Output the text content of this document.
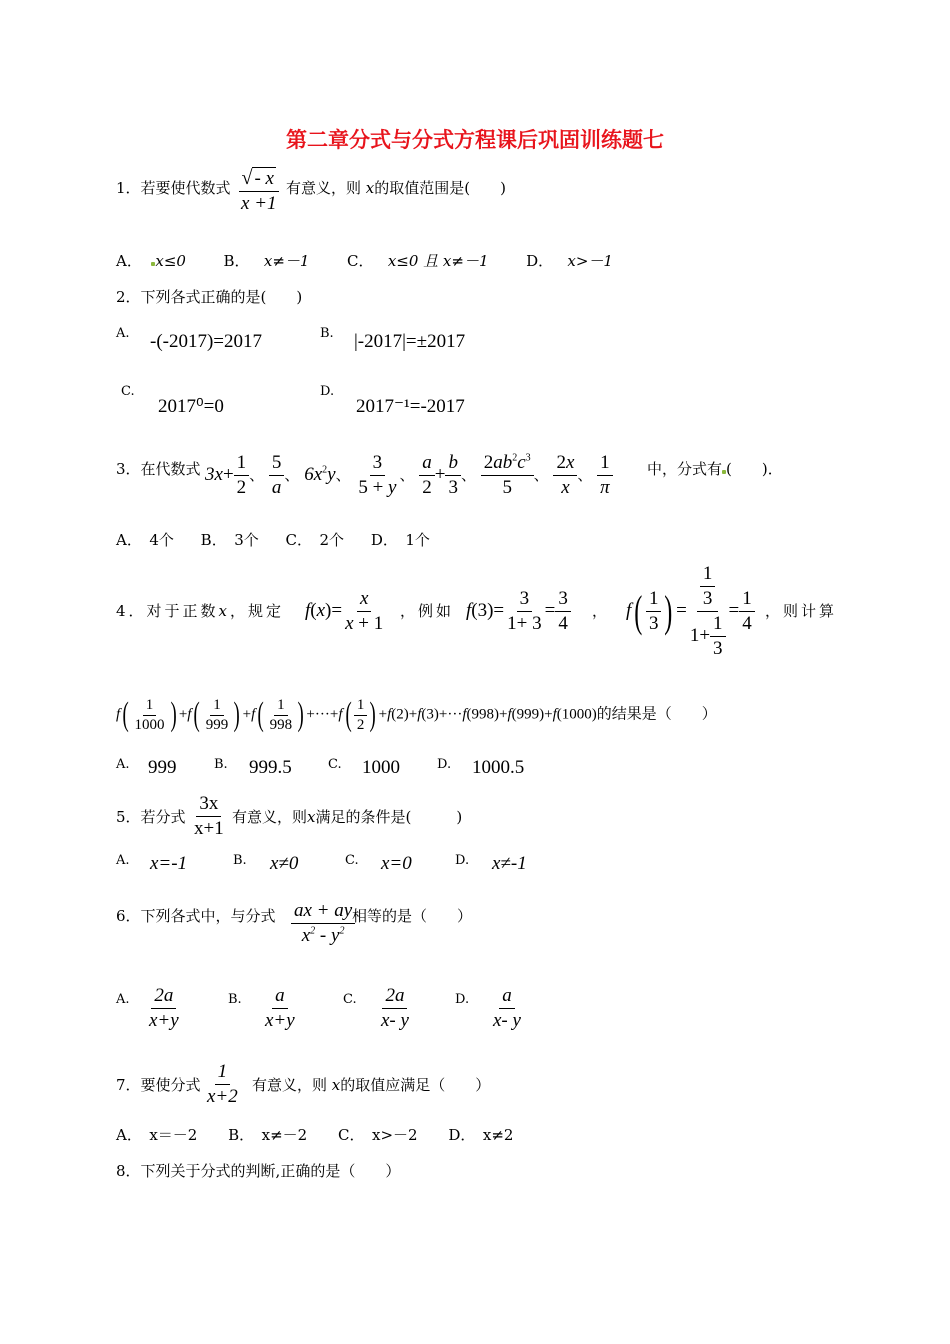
第二章分式与分式方程课后巩固训练题七
1．若要使代数式 $\frac{√ - x}{x +1}$ 有意义，则 x的取值范围是(　　)
A． x≤0	B． x≠－1	C． x≤0 且 x≠－1	D． x>－1
2．下列各式正确的是(　　)
A. -(-2017)=2017	B. |-2017|=±2017
C.
2017⁰=0
D.
2017⁻¹=-2017
3．在代数式 $3x+ \frac{1}{2}$ 、 $\frac{5}{a}$ 、 $6x^2y$、 $\frac{3}{5 + y}$ 、 $\frac{a}{2} + \frac{b}{3}$ 、 $\frac{2ab^2c^3}{5}$ 、 $\frac{2x}{x}$ 、 $\frac{1}{\pi}$ 中，分式有 (　　)．
A．　4个 B．　3个 C．　2个 D．　1个
4．对于正数x，规定 $f(x)= \frac{x}{x + 1}$ ，例如 $f(3)= \frac{3}{1+ 3} = \frac{3}{4}$ ， $f( \frac{1}{3}$ ) = $\frac{\frac{1}{3}}{1+ \frac{1}{3}} = \frac{1}{4}$ ，则计算
$f( \frac{1}{1000}$ ) $+f( \frac{1}{999}$ ) $+f( \frac{1}{998}$ ) $+\cdot\cdot\cdot+f( \frac{1}{2}$ ) +f(2)+f(3)+···f(998)+f(999)+f(1000)的结果是（　　）
A. 999	B. 999.5	C. 1000	D. 1000.5
5．若分式 $\frac{3x}{x+1}$ 有意义，则x满足的条件是(　　　)
A. x=-1	B. x≠0	C. x=0	D. x≠-1
6．下列各式中，与分式 $\frac{ax + ay}{x^2 - y^2}$
相等的是（　　）
A. $\frac{2a}{x+y}$	B. $\frac{a}{x+y}$	C. $\frac{2a}{x- y}$	D. $\frac{a}{x- y}$
7．要使分式 $\frac{1}{x+2}$ 有意义，则 x的取值应满足（　　）
A．　x＝－2 B．　x≠－2 C．　x>－2 D．　x≠2
8．下列关于分式的判断,正确的是（　　）
